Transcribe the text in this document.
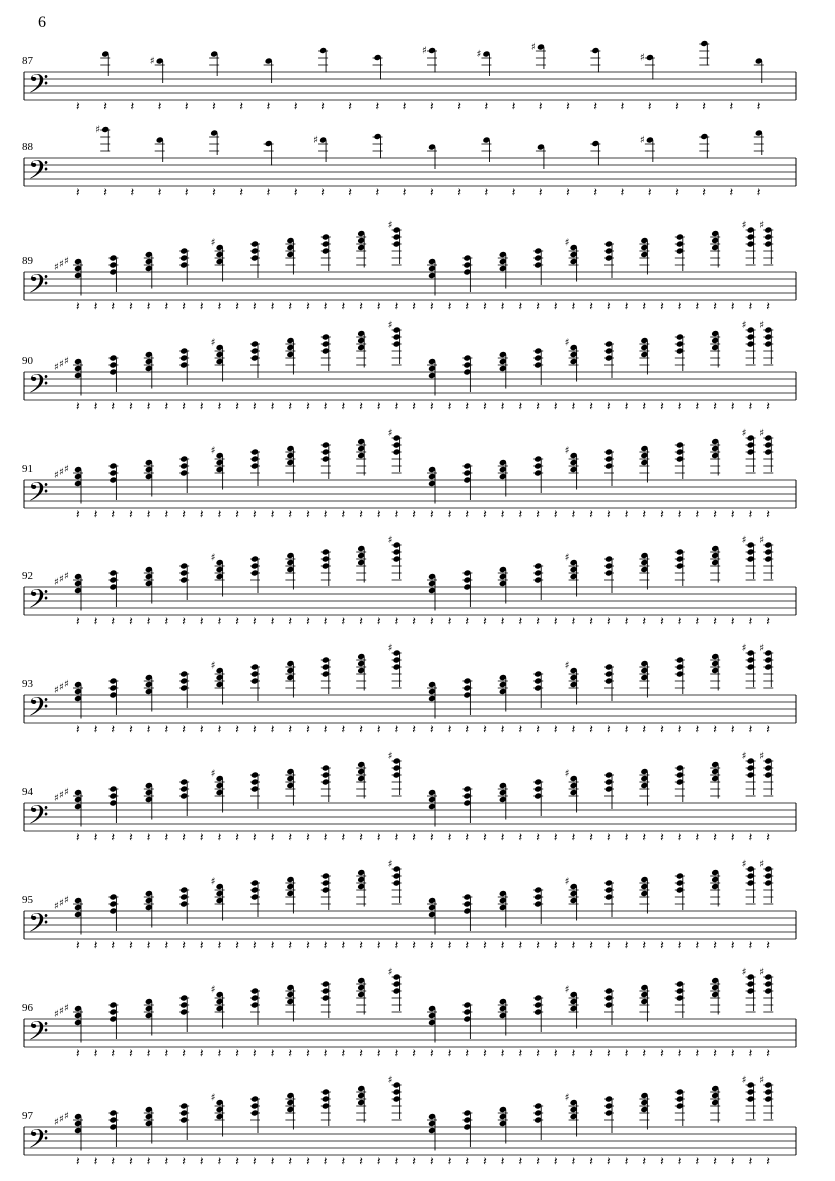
6
𝄢
87
𝄽 𝄽 𝄽 𝄽
♯
𝄽 𝄽 𝄽 𝄽 𝄽 𝄽 𝄽 𝄽 𝄽 𝄽
♯
𝄽 𝄽
♯
𝄽 𝄽
♯
𝄽 𝄽 𝄽 𝄽
♯
𝄽 𝄽 𝄽 𝄽
𝄢
88
𝄽 𝄽
♯
𝄽 𝄽 𝄽 𝄽 𝄽 𝄽 𝄽 𝄽
♯
𝄽 𝄽 𝄽 𝄽 𝄽 𝄽 𝄽 𝄽 𝄽 𝄽 𝄽 𝄽
♯
𝄽 𝄽 𝄽 𝄽
𝄢
89
𝄽 𝄽 𝄽 𝄽 𝄽 𝄽 𝄽 𝄽 𝄽
♯
𝄽 𝄽 𝄽 𝄽 𝄽 𝄽 𝄽 𝄽 𝄽 𝄽
♯
𝄽 𝄽 𝄽 𝄽 𝄽 𝄽 𝄽 𝄽 𝄽 𝄽
♯
𝄽 𝄽 𝄽 𝄽 𝄽 𝄽 𝄽 𝄽 𝄽 𝄽
♯
𝄽
♯
♯ ♯ ♯
𝄢
90
𝄽 𝄽 𝄽 𝄽 𝄽 𝄽 𝄽 𝄽 𝄽
♯
𝄽 𝄽 𝄽 𝄽 𝄽 𝄽 𝄽 𝄽 𝄽 𝄽
♯
𝄽 𝄽 𝄽 𝄽 𝄽 𝄽 𝄽 𝄽 𝄽 𝄽
♯
𝄽 𝄽 𝄽 𝄽 𝄽 𝄽 𝄽 𝄽 𝄽 𝄽
♯
𝄽
♯
♯ ♯ ♯
𝄢
91
𝄽 𝄽 𝄽 𝄽 𝄽 𝄽 𝄽 𝄽 𝄽
♯
𝄽 𝄽 𝄽 𝄽 𝄽 𝄽 𝄽 𝄽 𝄽 𝄽
♯
𝄽 𝄽 𝄽 𝄽 𝄽 𝄽 𝄽 𝄽 𝄽 𝄽
♯
𝄽 𝄽 𝄽 𝄽 𝄽 𝄽 𝄽 𝄽 𝄽 𝄽
♯
𝄽
♯
♯ ♯ ♯
𝄢
92
𝄽 𝄽 𝄽 𝄽 𝄽 𝄽 𝄽 𝄽 𝄽
♯
𝄽 𝄽 𝄽 𝄽 𝄽 𝄽 𝄽 𝄽 𝄽 𝄽
♯
𝄽 𝄽 𝄽 𝄽 𝄽 𝄽 𝄽 𝄽 𝄽 𝄽
♯
𝄽 𝄽 𝄽 𝄽 𝄽 𝄽 𝄽 𝄽 𝄽 𝄽
♯
𝄽
♯
♯ ♯ ♯
𝄢
93
𝄽 𝄽 𝄽 𝄽 𝄽 𝄽 𝄽 𝄽 𝄽
♯
𝄽 𝄽 𝄽 𝄽 𝄽 𝄽 𝄽 𝄽 𝄽 𝄽
♯
𝄽 𝄽 𝄽 𝄽 𝄽 𝄽 𝄽 𝄽 𝄽 𝄽
♯
𝄽 𝄽 𝄽 𝄽 𝄽 𝄽 𝄽 𝄽 𝄽 𝄽
♯
𝄽
♯
♯ ♯ ♯
𝄢
94
𝄽 𝄽 𝄽 𝄽 𝄽 𝄽 𝄽 𝄽 𝄽
♯
𝄽 𝄽 𝄽 𝄽 𝄽 𝄽 𝄽 𝄽 𝄽 𝄽
♯
𝄽 𝄽 𝄽 𝄽 𝄽 𝄽 𝄽 𝄽 𝄽 𝄽
♯
𝄽 𝄽 𝄽 𝄽 𝄽 𝄽 𝄽 𝄽 𝄽 𝄽
♯
𝄽
♯
♯ ♯ ♯
𝄢
95
𝄽 𝄽 𝄽 𝄽 𝄽 𝄽 𝄽 𝄽 𝄽
♯
𝄽 𝄽 𝄽 𝄽 𝄽 𝄽 𝄽 𝄽 𝄽 𝄽
♯
𝄽 𝄽 𝄽 𝄽 𝄽 𝄽 𝄽 𝄽 𝄽 𝄽
♯
𝄽 𝄽 𝄽 𝄽 𝄽 𝄽 𝄽 𝄽 𝄽 𝄽
♯
𝄽
♯
♯ ♯ ♯
𝄢
96
𝄽 𝄽 𝄽 𝄽 𝄽 𝄽 𝄽 𝄽 𝄽
♯
𝄽 𝄽 𝄽 𝄽 𝄽 𝄽 𝄽 𝄽 𝄽 𝄽
♯
𝄽 𝄽 𝄽 𝄽 𝄽 𝄽 𝄽 𝄽 𝄽 𝄽
♯
𝄽 𝄽 𝄽 𝄽 𝄽 𝄽 𝄽 𝄽 𝄽 𝄽
♯
𝄽
♯
♯ ♯ ♯
𝄢
97
𝄽 𝄽 𝄽 𝄽 𝄽 𝄽 𝄽 𝄽 𝄽
♯
𝄽 𝄽 𝄽 𝄽 𝄽 𝄽 𝄽 𝄽 𝄽 𝄽
♯
𝄽 𝄽 𝄽 𝄽 𝄽 𝄽 𝄽 𝄽 𝄽 𝄽
♯
𝄽 𝄽 𝄽 𝄽 𝄽 𝄽 𝄽 𝄽 𝄽 𝄽
♯
𝄽
♯
♯ ♯ ♯
